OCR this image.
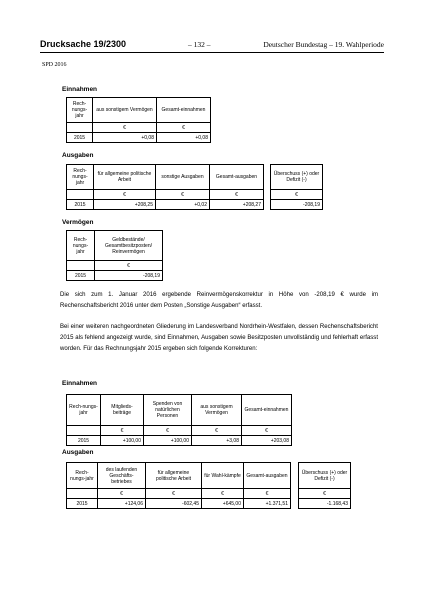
Drucksache 19/2300	– 132 –	Deutscher Bundestag – 19. Wahlperiode
SPD 2016
Einnahmen
Rech-nungs-jahr	aus sonstigem Vermögen	Gesamt-einnahmen
	€	€
2015	+0,08	+0,08
Ausgaben
Rech-nungs-jahr	für allgemeine politische Arbeit	sonstige Ausgaben	Gesamt-ausgaben
	€	€	€
2015	+208,25	+0,02	+208,27
Überschuss (+) oder Defizit (-)
€
-208,19
Vermögen
Rech-nungs-jahr	Geldbestände/ Gesamtbesitzposten/ Reinvermögen
	€
2015	-208,19
Die sich zum 1. Januar 2016 ergebende Reinvermögenskorrektur in Höhe von -208,19 € wurde im Rechenschaftsbericht 2016 unter dem Posten „Sonstige Ausgaben“ erfasst.
Bei einer weiteren nachgeordneten Gliederung im Landesverband Nordrhein-Westfalen, dessen Rechenschaftsbericht 2015 als fehlend angezeigt wurde, sind Einnahmen, Ausgaben sowie Besitzposten unvollständig und fehlerhaft erfasst worden. Für das Rechnungsjahr 2015 ergeben sich folgende Korrekturen:
Einnahmen
Rech-nungs-jahr	Mitglieds-beiträge	Spenden von natürlichen Personen	aus sonstigem Vermögen	Gesamt-einnahmen
	€	€	€	€
2015	+100,00	+100,00	+3,08	+203,08
Ausgaben
Rech-nungs-jahr	des laufenden Geschäfts-betriebes	für allgemeine politische Arbeit	für Wahl-kämpfe	Gesamt-ausgaben
	€	€	€	€
2015	+124,06	-602,45	+645,00	+1.371,51
Überschuss (+) oder Defizit (-)
€
-1.168,43
